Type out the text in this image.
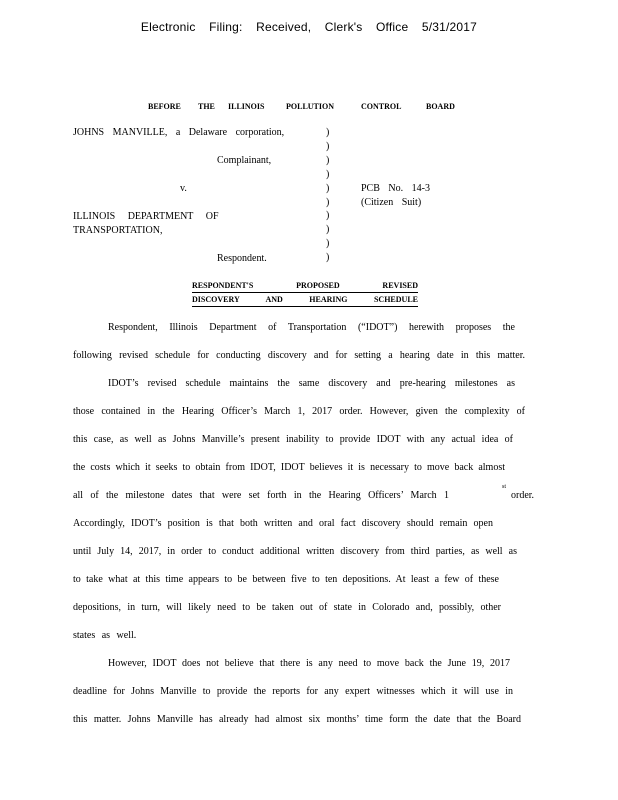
Electronic Filing: Received, Clerk's Office 5/31/2017
BEFORE THE ILLINOIS	POLLUTION	CONTROL	BOARD
JOHNS MANVILLE, a Delaware corporation,
Complainant,
v.
ILLINOIS DEPARTMENT OF
TRANSPORTATION,
Respondent.
)
)
)
)
)
)
)
)
)
)
PCB No. 14-3
(Citizen Suit)
RESPONDENT'S PROPOSED REVISED
DISCOVERY AND HEARING SCHEDULE
Respondent, Illinois Department of Transportation (“IDOT”) herewith proposes the
following revised schedule for conducting discovery and for setting a hearing date in this matter.
IDOT’s revised schedule maintains the same discovery and pre-hearing milestones as
those contained in the Hearing Officer’s March 1, 2017 order. However, given the complexity of
this case, as well as Johns Manville’s present inability to provide IDOT with any actual idea of
the costs which it seeks to obtain from IDOT, IDOT believes it is necessary to move back almost
all of the milestone dates that were set forth in the Hearing Officers’ March 1
st
order.
Accordingly, IDOT’s position is that both written and oral fact discovery should remain open
until July 14, 2017, in order to conduct additional written discovery from third parties, as well as
to take what at this time appears to be between five to ten depositions. At least a few of these
depositions, in turn, will likely need to be taken out of state in Colorado and, possibly, other
states as well.
However, IDOT does not believe that there is any need to move back the June 19, 2017
deadline for Johns Manville to provide the reports for any expert witnesses which it will use in
this matter. Johns Manville has already had almost six months’ time form the date that the Board
